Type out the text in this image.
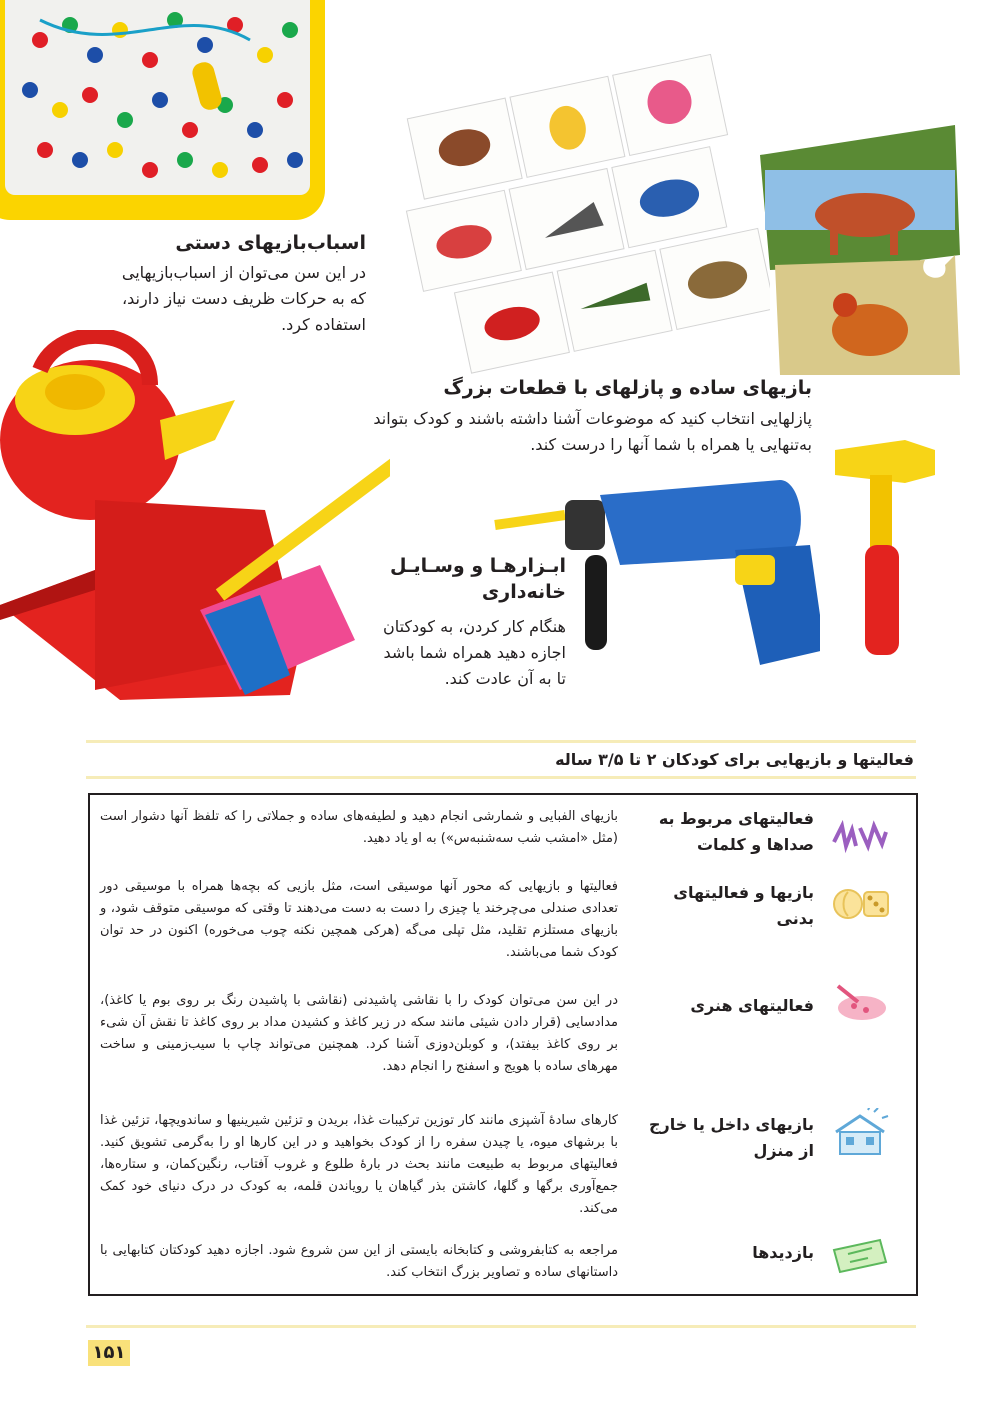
اسباب‌بازیهای دستی
در این سن می‌توان از اسباب‌بازیهایی
که به حرکات ظریف دست نیاز دارند،
استفاده کرد.
بازیهای ساده و پازلهای با قطعات بزرگ
پازلهایی انتخاب کنید که موضوعات آشنا داشته باشند و کودک بتواند
به‌تنهایی یا همراه با شما آنها را درست کند.
ابـزارهـا و وسـایـل
خانه‌داری
هنگام کار کردن، به کودکتان
اجازه دهید همراه شما باشد
تا به آن عادت کند.
فعالیتها و بازیهایی برای کودکان ۲ تا ۳/۵ ساله
بازیهای الفبایی و شمارشی انجام دهید و لطیفه‌های ساده و جملاتی را که تلفظ آنها دشوار است (مثل «امشب شب سه‌شنبه‌س») به او یاد دهید.
فعالیتهای مربوط به
صداها و کلمات
فعالیتها و بازیهایی که محور آنها موسیقی است، مثل بازیی که بچه‌ها همراه با موسیقی دور تعدادی صندلی می‌چرخند یا چیزی را دست به دست می‌دهند تا وقتی که موسیقی متوقف شود، و بازیهای مستلزم تقلید، مثل تپلی می‌گه (هرکی همچین نکنه چوب می‌خوره) اکنون در حد توان کودک شما می‌باشند.
بازیها و فعالیتهای
بدنی
در این سن می‌توان کودک را با نقاشی پاشیدنی (نقاشی با پاشیدن رنگ بر روی بوم یا کاغذ)، مدادسایی (قرار دادن شیئی مانند سکه در زیر کاغذ و کشیدن مداد بر روی کاغذ تا نقش آن شیء بر روی کاغذ بیفتد)، و کوبلن‌دوزی آشنا کرد. همچنین می‌تواند چاپ با سیب‌زمینی و ساخت مهرهای ساده با هویج و اسفنج را انجام دهد.
فعالیتهای هنری
کارهای سادهٔ آشپزی مانند کار توزین ترکیبات غذا، بریدن و تزئین شیرینیها و ساندویچها، تزئین غذا با برشهای میوه، یا چیدن سفره را از کودک بخواهید و در این کارها او را به‌گرمی تشویق کنید. فعالیتهای مربوط به طبیعت مانند بحث در بارهٔ طلوع و غروب آفتاب، رنگین‌کمان، و ستاره‌ها، جمع‌آوری برگها و گلها، کاشتن بذر گیاهان یا رویاندن قلمه، به کودک در درک دنیای خود کمک می‌کند.
بازیهای داخل یا خارج
از منزل
مراجعه به کتابفروشی و کتابخانه بایستی از این سن شروع شود. اجازه دهید کودکتان کتابهایی با داستانهای ساده و تصاویر بزرگ انتخاب کند.
بازدیدها
۱۵۱
